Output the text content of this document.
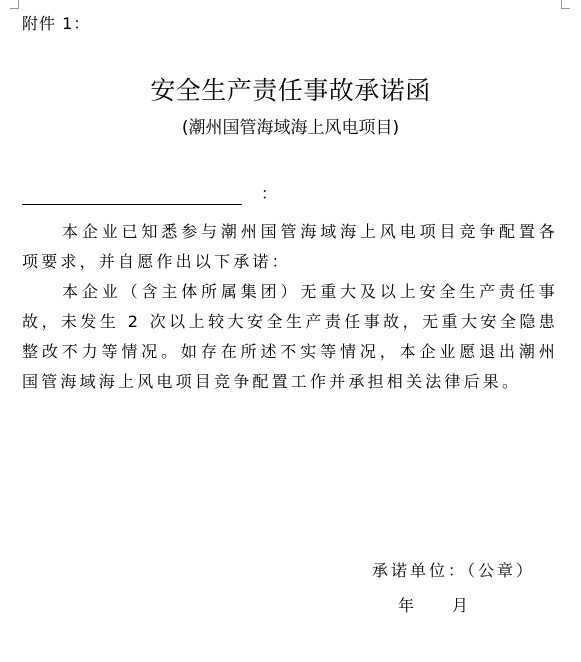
附件 1：
安全生产责任事故承诺函
(潮州国管海域海上风电项目)
：

本企业已知悉参与潮州国管海域海上风电项目竞争配置各项要求，并自愿作出以下承诺：

本企业（含主体所属集团）无重大及以上安全生产责任事故，未发生 2 次以上较大安全生产责任事故，无重大安全隐患整改不力等情况。如存在所述不实等情况，本企业愿退出潮州国管海域海上风电项目竞争配置工作并承担相关法律后果。

承诺单位：（公章）
年 月
